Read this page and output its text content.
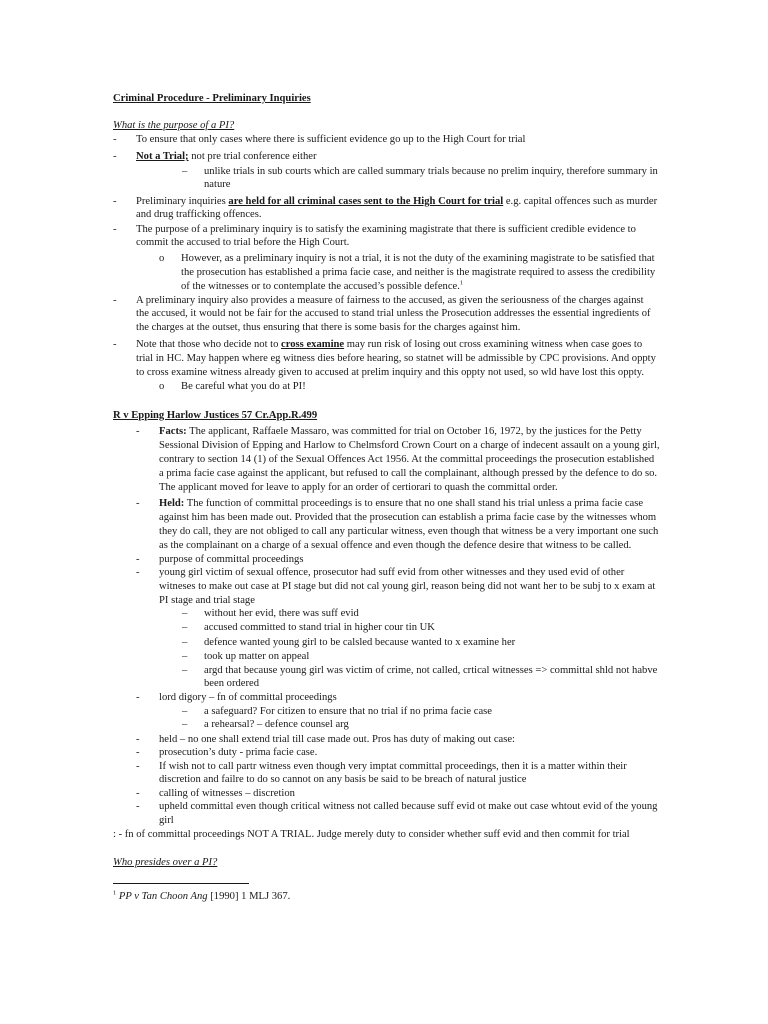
Criminal Procedure - Preliminary Inquiries
What is the purpose of a PI?
- To ensure that only cases where there is sufficient evidence go up to the High Court for trial
- Not a Trial; not pre trial conference either
– unlike trials in sub courts which are called summary trials because no prelim inquiry, therefore summary in
nature
- Preliminary inquiries are held for all criminal cases sent to the High Court for trial e.g. capital offences such as murder
and drug trafficking offences.
- The purpose of a preliminary inquiry is to satisfy the examining magistrate that there is sufficient credible evidence to
commit the accused to trial before the High Court.
o However, as a preliminary inquiry is not a trial, it is not the duty of the examining magistrate to be satisfied that
the prosecution has established a prima facie case, and neither is the magistrate required to assess the credibility
of the witnesses or to contemplate the accused’s possible defence.$^1$
- A preliminary inquiry also provides a measure of fairness to the accused, as given the seriousness of the charges against
the accused, it would not be fair for the accused to stand trial unless the Prosecution addresses the essential ingredients of
the charges at the outset, thus ensuring that there is some basis for the charges against him.
- Note that those who decide not to cross examine may run risk of losing out cross examining witness when case goes to
trial in HC. May happen where eg witness dies before hearing, so statnet will be admissible by CPC provisions. And oppty
to cross examine witness already given to accused at prelim inquiry and this oppty not used, so wld have lost this oppty.
o Be careful what you do at PI!
R v Epping Harlow Justices 57 Cr.App.R.499
- Facts: The applicant, Raffaele Massaro, was committed for trial on October 16, 1972, by the justices for the Petty
Sessional Division of Epping and Harlow to Chelmsford Crown Court on a charge of indecent assault on a young girl,
contrary to section 14 (1) of the Sexual Offences Act 1956. At the committal proceedings the prosecution established
a prima facie case against the applicant, but refused to call the complainant, although pressed by the defence to do so.
The applicant moved for leave to apply for an order of certiorari to quash the committal order.
- Held: The function of committal proceedings is to ensure that no one shall stand his trial unless a prima facie case
against him has been made out. Provided that the prosecution can establish a prima facie case by the witnesses whom
they do call, they are not obliged to call any particular witness, even though that witness be a very important one such
as the complainant on a charge of a sexual offence and even though the defence desire that witness to be called.
- purpose of committal proceedings
- young girl victim of sexual offence, prosecutor had suff evid from other witnesses and they used evid of other
witneses to make out case at PI stage but did not cal young girl, reason being did not want her to be subj to x exam at
PI stage and trial stage
– without her evid, there was suff evid
– accused committed to stand trial in higher cour tin UK
– defence wanted young girl to be calsled because wanted to x examine her
– took up matter on appeal
– argd that because young girl was victim of crime, not called, crtical witnesses => committal shld not habve
been ordered
- lord digory – fn of committal proceedings
– a safeguard? For citizen to ensure that no trial if no prima facie case
– a rehearsal? – defence counsel arg
- held – no one shall extend trial till case made out. Pros has duty of making out case:
- prosecution’s duty - prima facie case.
- If wish not to call partr witness even though very imptat committal proceedings, then it is a matter within their
discretion and failre to do so cannot on any basis be said to be breach of natural justice
- calling of witnesses – discretion
- upheld committal even though critical witness not called because suff evid ot make out case whtout evid of the young
girl
: - fn of committal proceedings NOT A TRIAL. Judge merely duty to consider whether suff evid and then commit for trial
Who presides over a PI?
$^1$ PP v Tan Choon Ang [1990] 1 MLJ 367.
